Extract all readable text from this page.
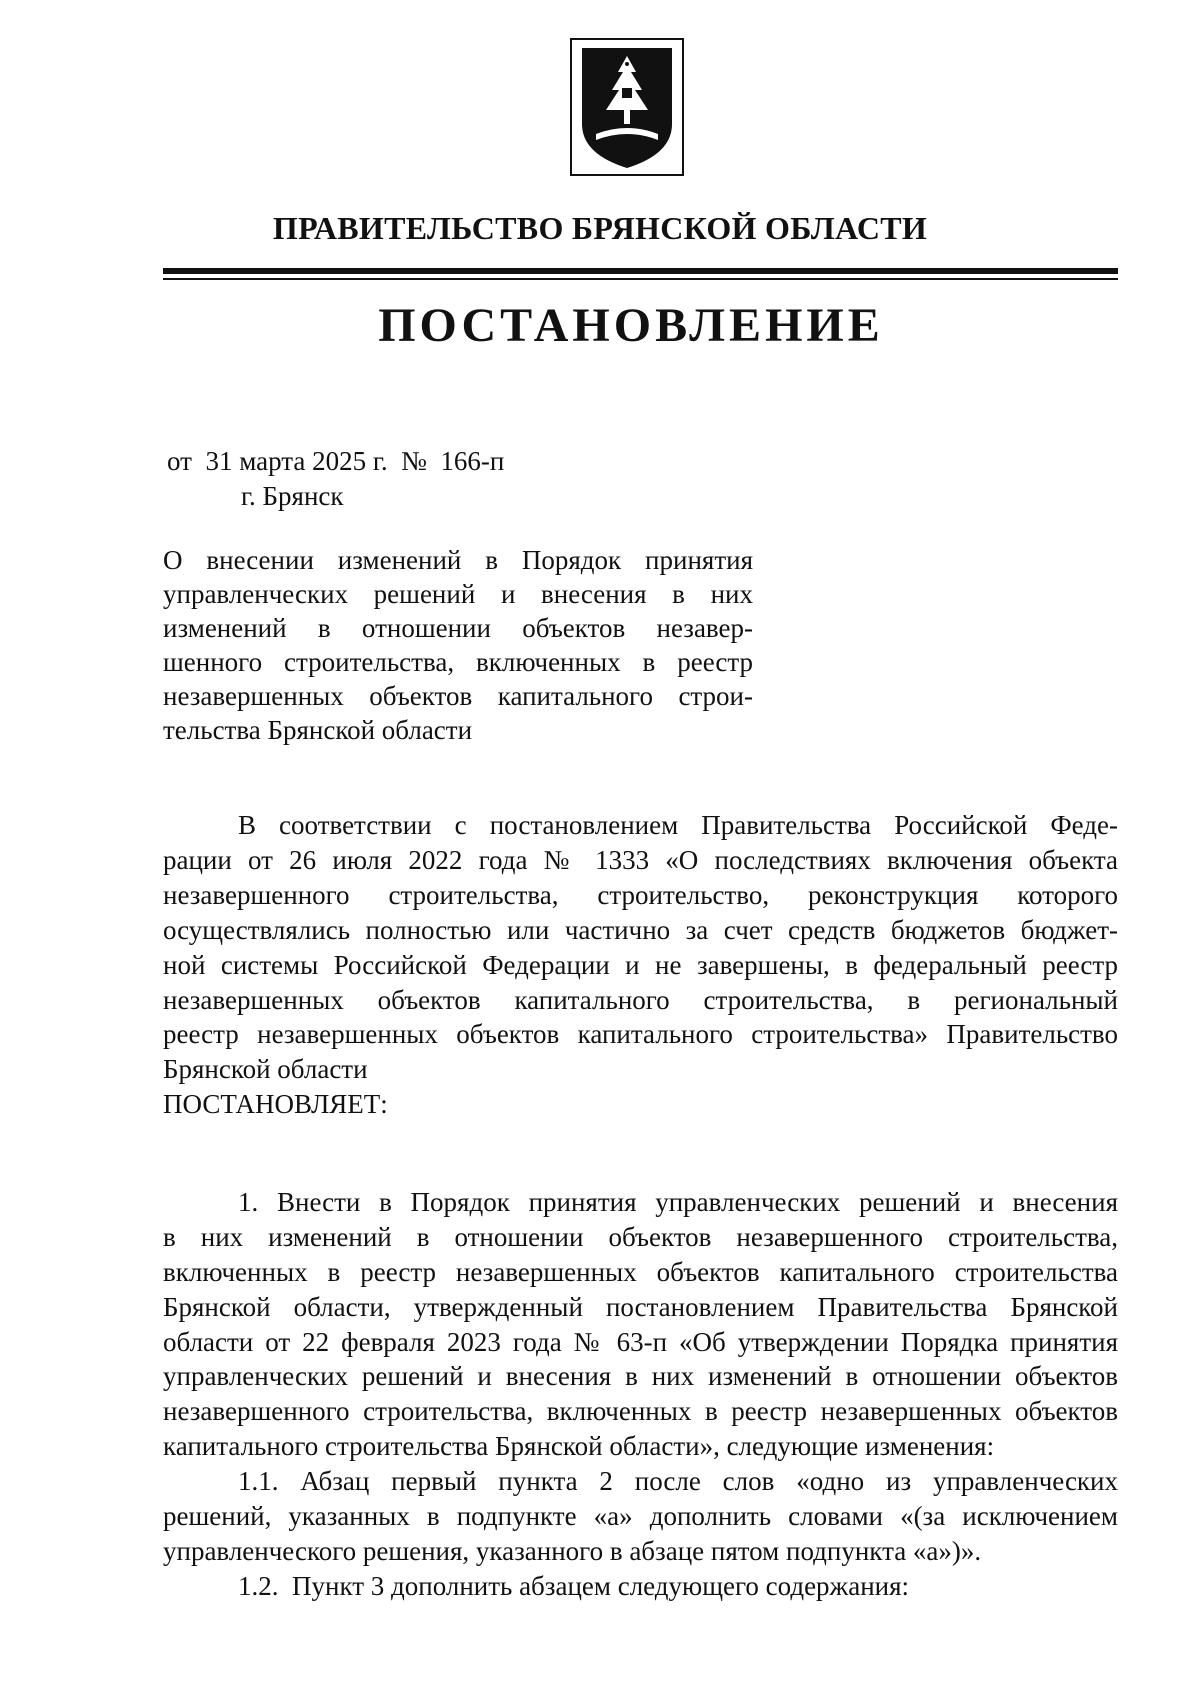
ПРАВИТЕЛЬСТВО БРЯНСКОЙ ОБЛАСТИ
ПОСТАНОВЛЕНИЕ
от  31 марта 2025 г.  №  166-п
г. Брянск
О внесении изменений в Порядок принятия
управленческих решений и внесения в них
изменений в отношении объектов незавер-
шенного строительства, включенных в реестр
незавершенных объектов капитального строи-
тельства Брянской области
В соответствии с постановлением Правительства Российской Феде-
рации от 26 июля 2022 года № 1333 «О последствиях включения объекта
незавершенного строительства, строительство, реконструкция которого
осуществлялись полностью или частично за счет средств бюджетов бюджет-
ной системы Российской Федерации и не завершены, в федеральный реестр
незавершенных объектов капитального строительства, в региональный
реестр незавершенных объектов капитального строительства» Правительство
Брянской области
ПОСТАНОВЛЯЕТ:
1. Внести в Порядок принятия управленческих решений и внесения
в них изменений в отношении объектов незавершенного строительства,
включенных в реестр незавершенных объектов капитального строительства
Брянской области, утвержденный постановлением Правительства Брянской
области от 22 февраля 2023 года № 63-п «Об утверждении Порядка принятия
управленческих решений и внесения в них изменений в отношении объектов
незавершенного строительства, включенных в реестр незавершенных объектов
капитального строительства Брянской области», следующие изменения:
1.1. Абзац первый пункта 2 после слов «одно из управленческих
решений, указанных в подпункте «а» дополнить словами «(за исключением
управленческого решения, указанного в абзаце пятом подпункта «а»)».
1.2.  Пункт 3 дополнить абзацем следующего содержания:
